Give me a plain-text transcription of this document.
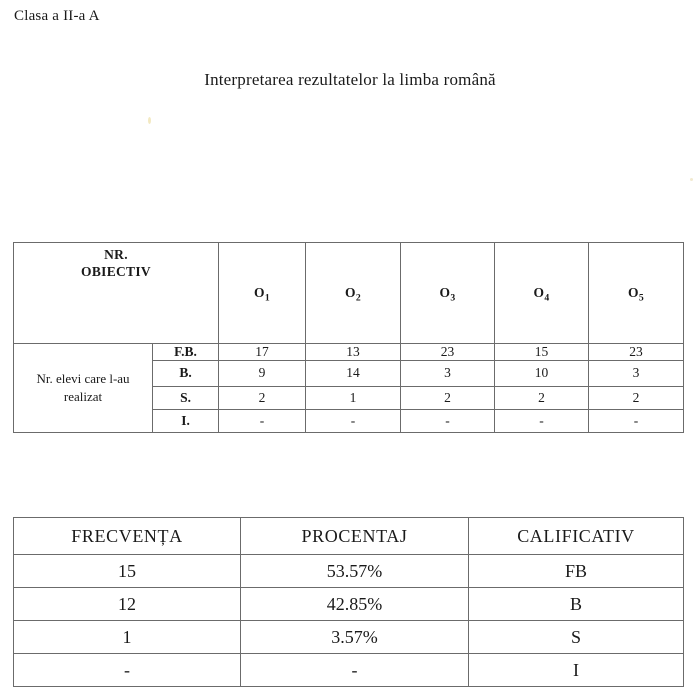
Clasa a II-a A
Interpretarea rezultatelor la limba română
NR.
OBIECTIV		$O_1$	$O_2$	$O_3$	$O_4$	$O_5$
Nr. elevi care l-au realizat	F.B.	17	13	23	15	23
	B.	9	14	3	10	3
	S.	2	1	2	2	2
	I.	-	-	-	-	-
FRECVENȚA	PROCENTAJ	CALIFICATIV
15	53.57%	FB
12	42.85%	B
1	3.57%	S
-	-	I
